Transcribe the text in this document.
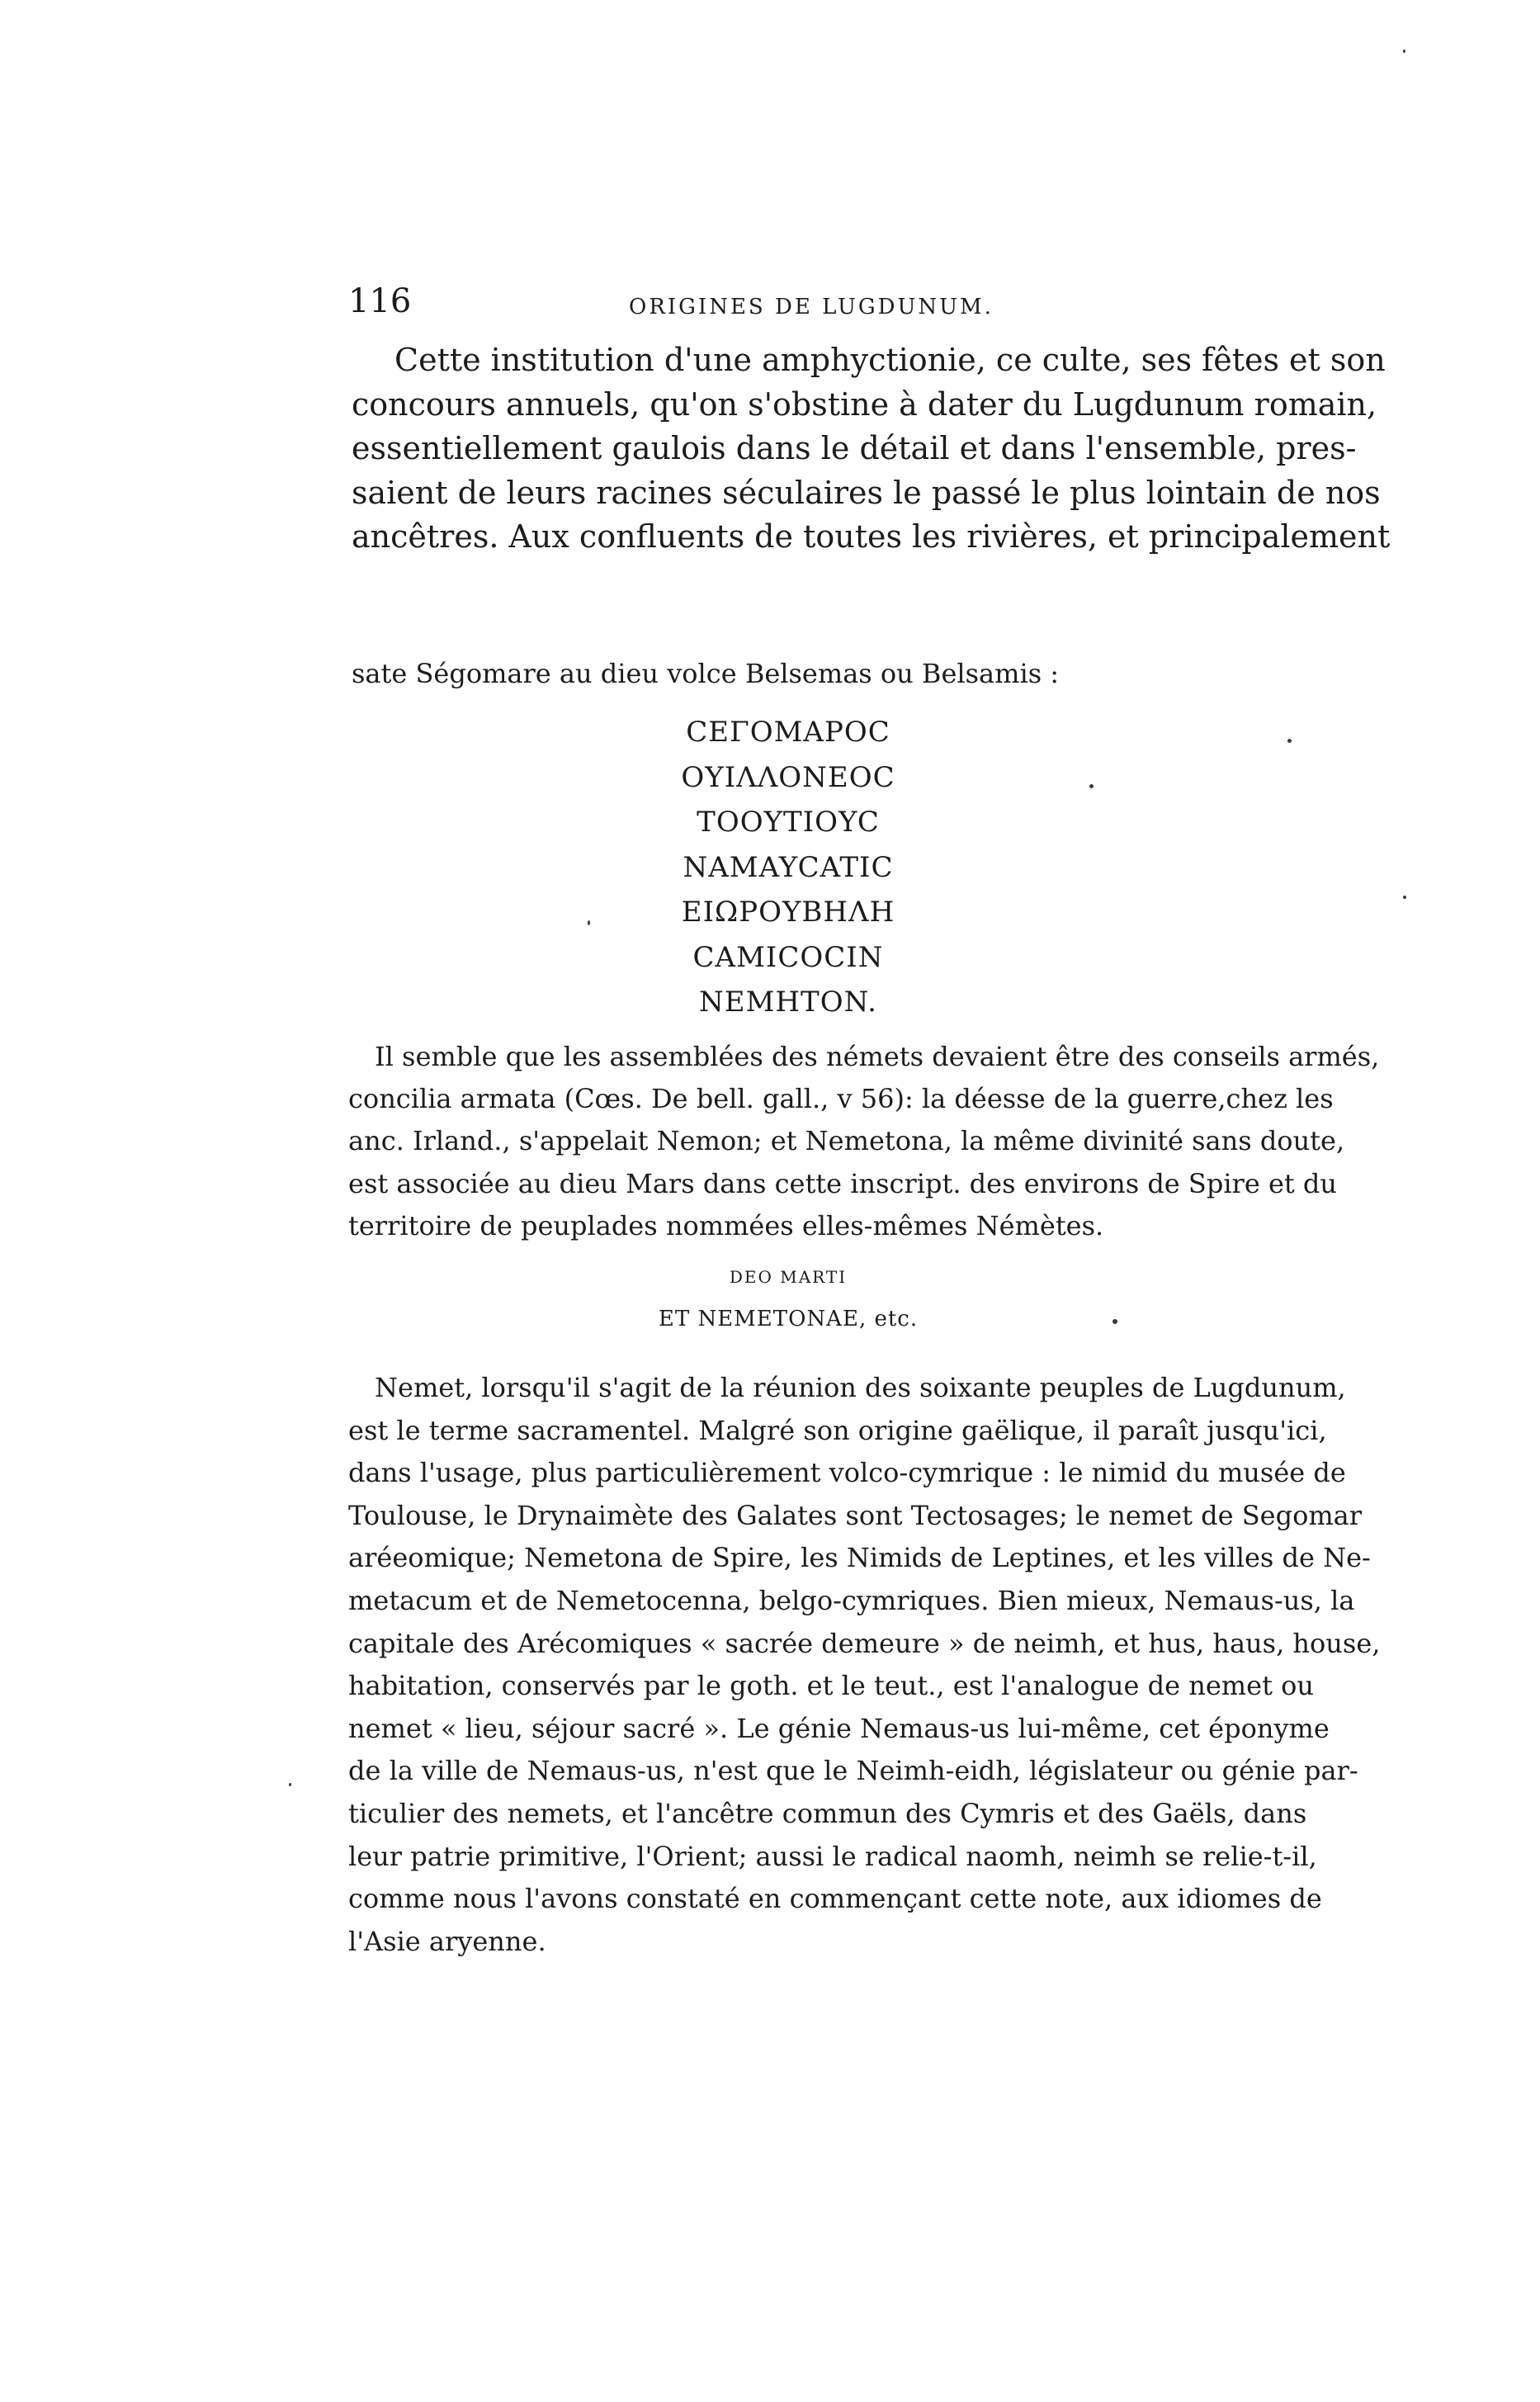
116	ORIGINES DE LUGDUNUM.
Cette institution d'une amphyctionie, ce culte, ses fêtes et son
concours annuels, qu'on s'obstine à dater du Lugdunum romain,
essentiellement gaulois dans le détail et dans l'ensemble, pres-
saient de leurs racines séculaires le passé le plus lointain de nos
ancêtres. Aux confluents de toutes les rivières, et principalement
sate Ségomare au dieu volce Belsemas ou Belsamis :
CEΓOMAPOC
OYIΛΛONEOC
TOOYTIOYC
NAMAYCATIC
EIΩPOYBHΛH
CAMICOCIN
NEMHTON.
Il semble que les assemblées des némets devaient être des conseils armés,
concilia armata (Cœs. De bell. gall., v 56): la déesse de la guerre,chez les
anc. Irland., s'appelait Nemon; et Nemetona, la même divinité sans doute,
est associée au dieu Mars dans cette inscript. des environs de Spire et du
territoire de peuplades nommées elles-mêmes Némètes.
DEO MARTI
ET NEMETONAE, etc.
Nemet, lorsqu'il s'agit de la réunion des soixante peuples de Lugdunum,
est le terme sacramentel. Malgré son origine gaëlique, il paraît jusqu'ici,
dans l'usage, plus particulièrement volco-cymrique : le nimid du musée de
Toulouse, le Drynaimète des Galates sont Tectosages; le nemet de Segomar
aréeomique; Nemetona de Spire, les Nimids de Leptines, et les villes de Ne-
metacum et de Nemetocenna, belgo-cymriques. Bien mieux, Nemaus-us, la
capitale des Arécomiques « sacrée demeure » de neimh, et hus, haus, house,
habitation, conservés par le goth. et le teut., est l'analogue de nemet ou
nemet « lieu, séjour sacré ». Le génie Nemaus-us lui-même, cet éponyme
de la ville de Nemaus-us, n'est que le Neimh-eidh, législateur ou génie par-
ticulier des nemets, et l'ancêtre commun des Cymris et des Gaëls, dans
leur patrie primitive, l'Orient; aussi le radical naomh, neimh se relie-t-il,
comme nous l'avons constaté en commençant cette note, aux idiomes de
l'Asie aryenne.
